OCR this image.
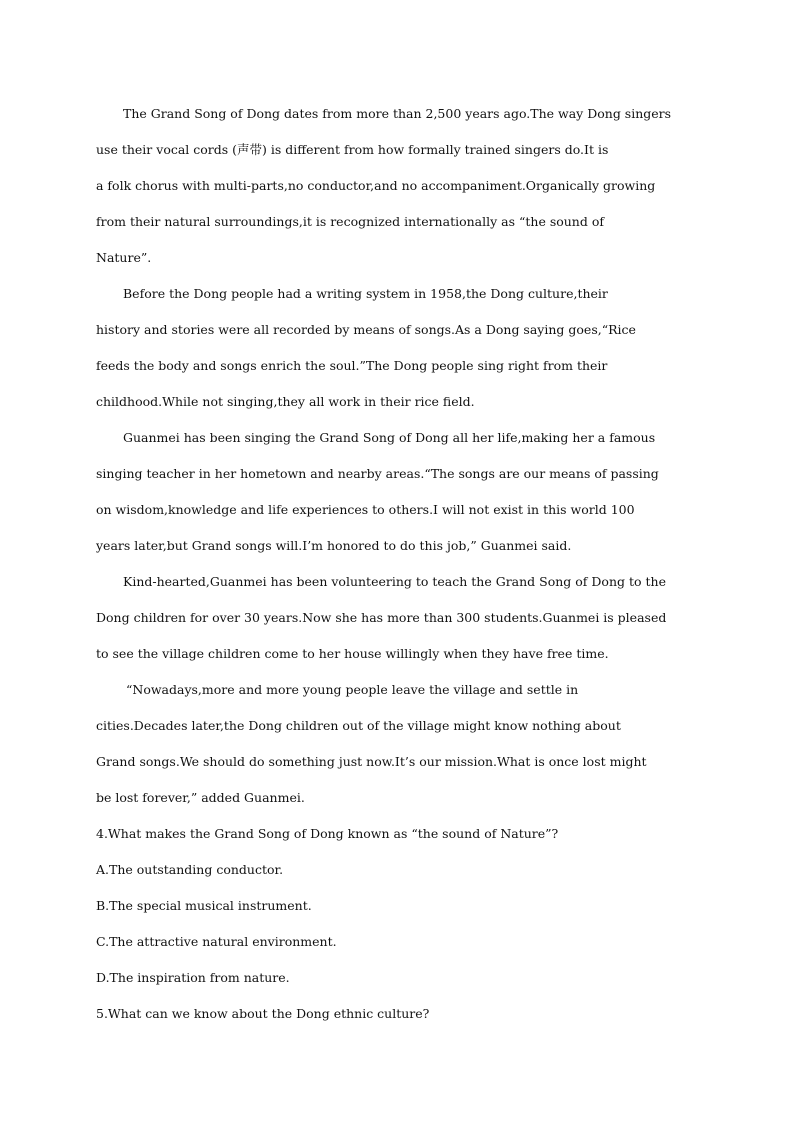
The Grand Song of Dong dates from more than 2,500 years ago.The way Dong singers
use their vocal cords (声带) is different from how formally trained singers do.It is
a folk chorus with multi-parts,no conductor,and no accompaniment.Organically growing
from their natural surroundings,it is recognized internationally as “the sound of
Nature”.
Before the Dong people had a writing system in 1958,the Dong culture,their
history and stories were all recorded by means of songs.As a Dong saying goes,“Rice
feeds the body and songs enrich the soul.”The Dong people sing right from their
childhood.While not singing,they all work in their rice field.
Guanmei has been singing the Grand Song of Dong all her life,making her a famous
singing teacher in her hometown and nearby areas.“The songs are our means of passing
on wisdom,knowledge and life experiences to others.I will not exist in this world 100
years later,but Grand songs will.I’m honored to do this job,” Guanmei said.
Kind-hearted,Guanmei has been volunteering to teach the Grand Song of Dong to the
Dong children for over 30 years.Now she has more than 300 students.Guanmei is pleased
to see the village children come to her house willingly when they have free time.
“Nowadays,more and more young people leave the village and settle in
cities.Decades later,the Dong children out of the village might know nothing about
Grand songs.We should do something just now.It’s our mission.What is once lost might
be lost forever,” added Guanmei.

4.What makes the Grand Song of Dong known as “the sound of Nature”?

A.The outstanding conductor.

B.The special musical instrument.

C.The attractive natural environment.

D.The inspiration from nature.

5.What can we know about the Dong ethnic culture?
